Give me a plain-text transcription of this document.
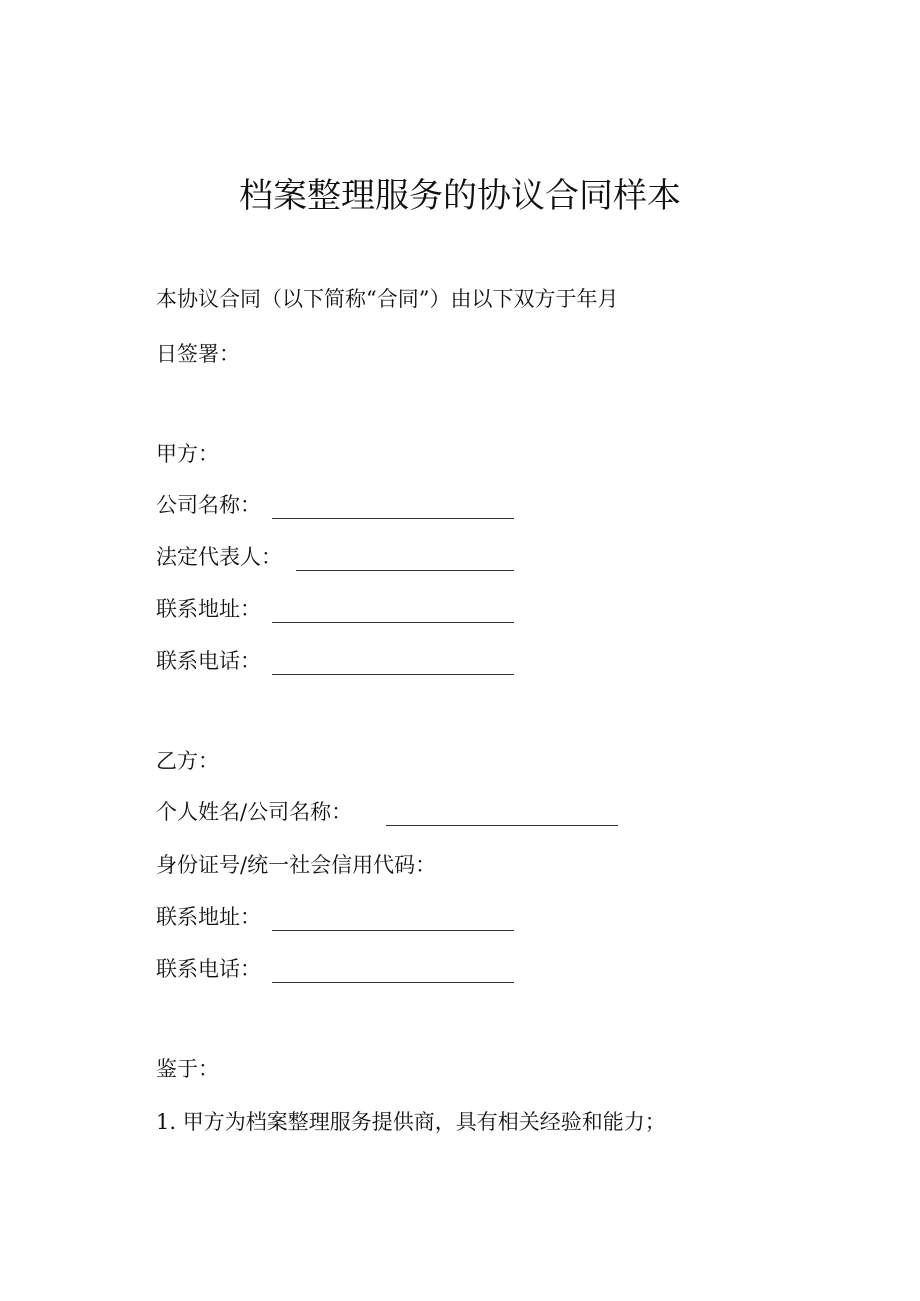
档案整理服务的协议合同样本
本协议合同（以下简称“合同”）由以下双方于年月
日签署：
甲方：
公司名称：
法定代表人：
联系地址：
联系电话：
乙方：
个人姓名/公司名称：
身份证号/统一社会信用代码：
联系地址：
联系电话：
鉴于：
1. 甲方为档案整理服务提供商，具有相关经验和能力；
